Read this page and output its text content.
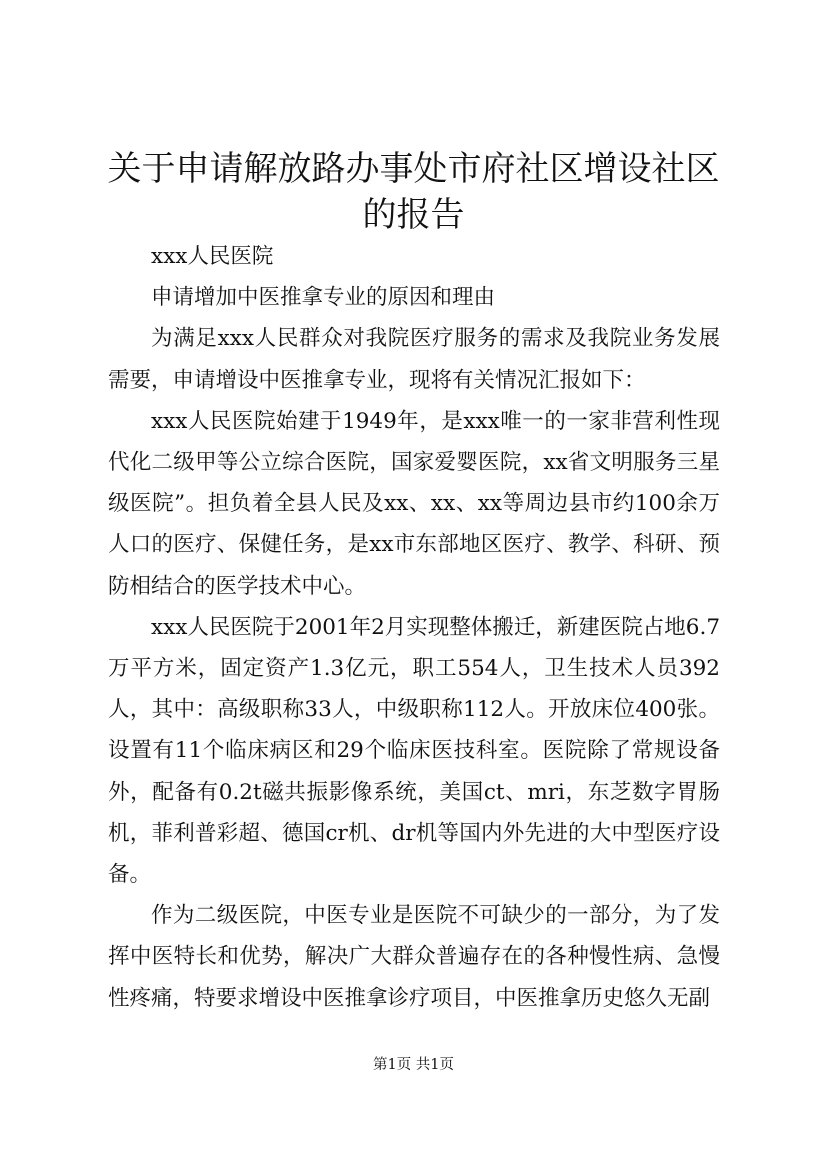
关于申请解放路办事处市府社区增设社区的报告

xxx人民医院

申请增加中医推拿专业的原因和理由

为满足xxx人民群众对我院医疗服务的需求及我院业务发展需要，申请增设中医推拿专业，现将有关情况汇报如下：

xxx人民医院始建于1949年，是xxx唯一的一家非营利性现代化二级甲等公立综合医院，国家爱婴医院，xx省文明服务三星级医院”。担负着全县人民及xx、xx、xx等周边县市约100余万人口的医疗、保健任务，是xx市东部地区医疗、教学、科研、预防相结合的医学技术中心。

xxx人民医院于2001年2月实现整体搬迁，新建医院占地6.7万平方米，固定资产1.3亿元，职工554人，卫生技术人员392人，其中：高级职称33人，中级职称112人。开放床位400张。设置有11个临床病区和29个临床医技科室。医院除了常规设备外，配备有0.2t磁共振影像系统，美国ct、mri，东芝数字胃肠机，菲利普彩超、德国cr机、dr机等国内外先进的大中型医疗设备。

作为二级医院，中医专业是医院不可缺少的一部分，为了发挥中医特长和优势，解决广大群众普遍存在的各种慢性病、急慢性疼痛，特要求增设中医推拿诊疗项目，中医推拿历史悠久无副

第1页 共1页
